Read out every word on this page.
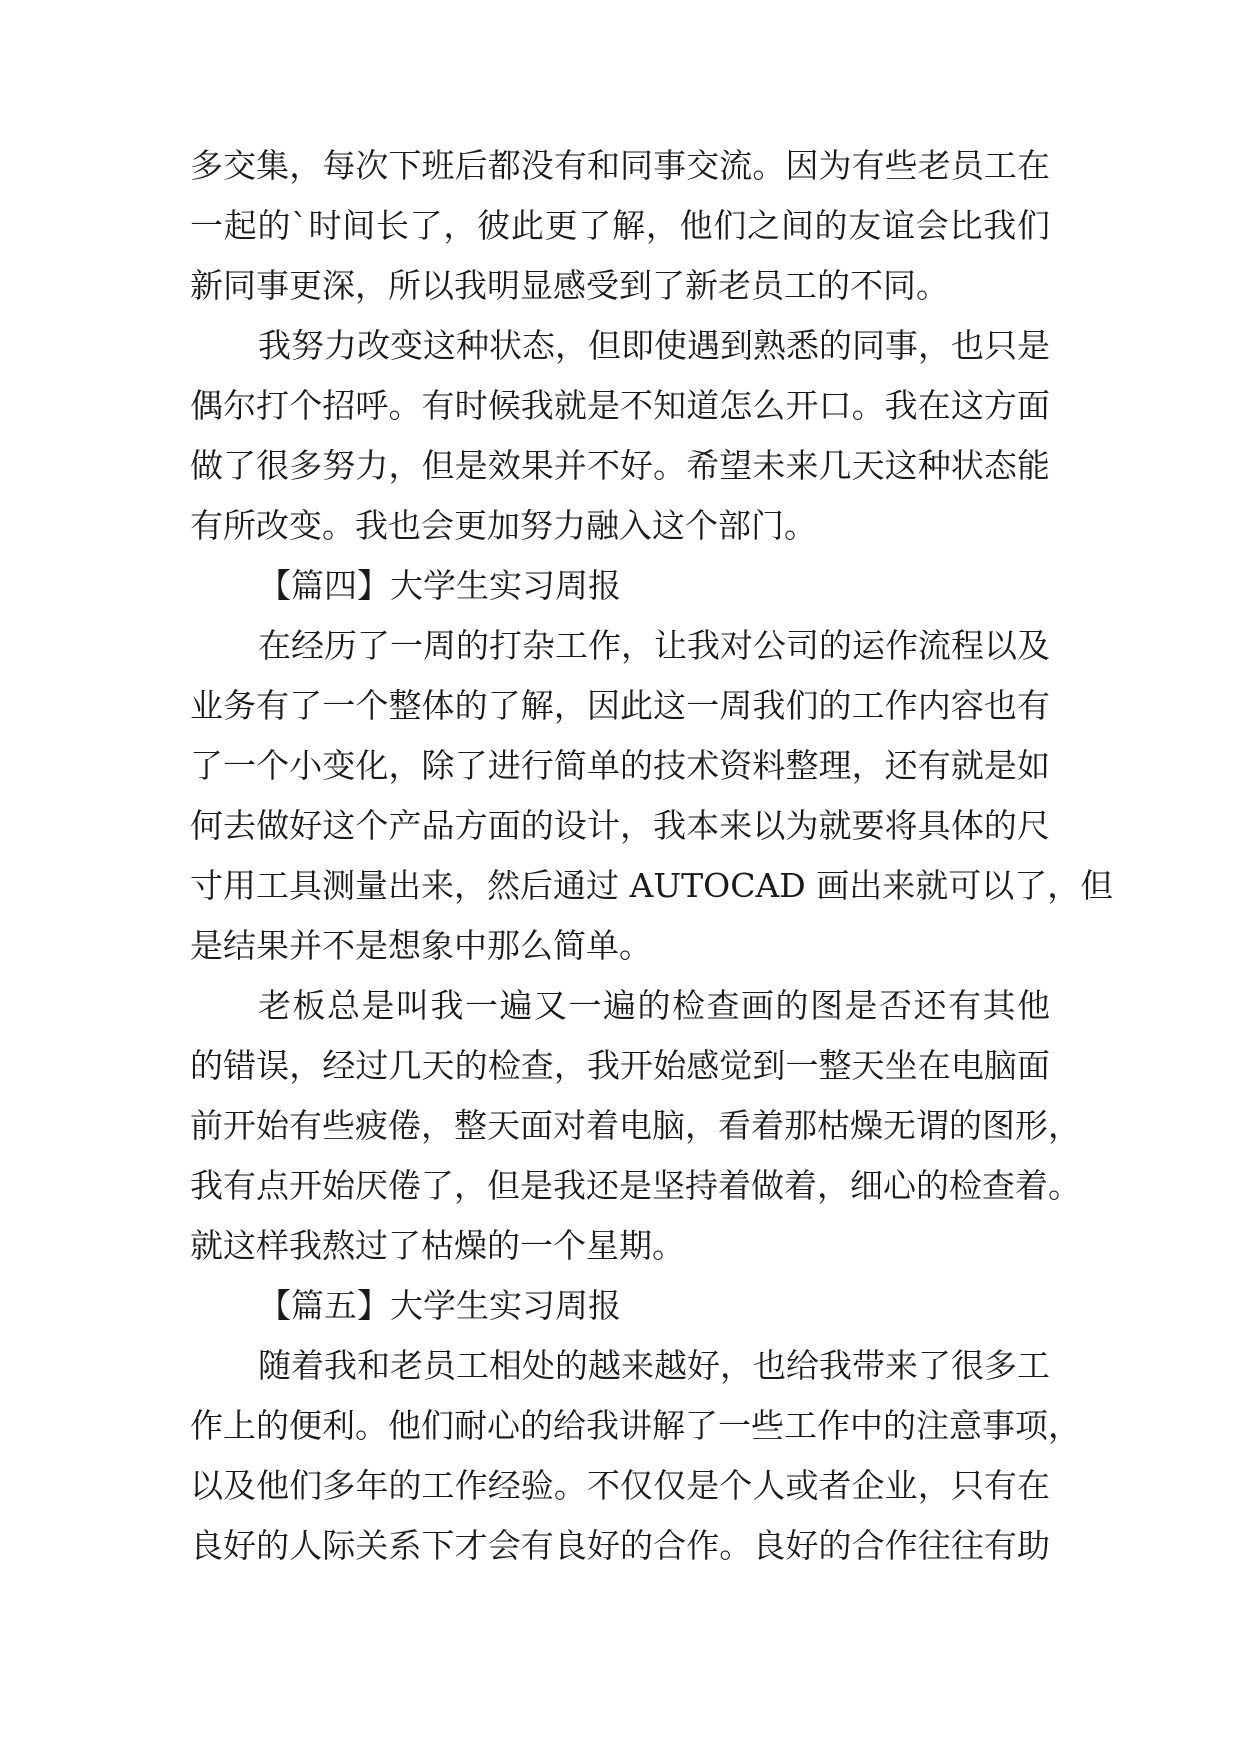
多交集，每次下班后都没有和同事交流。因为有些老员工在
一起的`时间长了，彼此更了解，他们之间的友谊会比我们
新同事更深，所以我明显感受到了新老员工的不同。
我努力改变这种状态，但即使遇到熟悉的同事，也只是
偶尔打个招呼。有时候我就是不知道怎么开口。我在这方面
做了很多努力，但是效果并不好。希望未来几天这种状态能
有所改变。我也会更加努力融入这个部门。
【篇四】大学生实习周报
在经历了一周的打杂工作，让我对公司的运作流程以及
业务有了一个整体的了解，因此这一周我们的工作内容也有
了一个小变化，除了进行简单的技术资料整理，还有就是如
何去做好这个产品方面的设计，我本来以为就要将具体的尺
寸用工具测量出来，然后通过 AUTOCAD 画出来就可以了，但
是结果并不是想象中那么简单。
老板总是叫我一遍又一遍的检查画的图是否还有其他
的错误，经过几天的检查，我开始感觉到一整天坐在电脑面
前开始有些疲倦，整天面对着电脑，看着那枯燥无谓的图形，
我有点开始厌倦了，但是我还是坚持着做着，细心的检查着。
就这样我熬过了枯燥的一个星期。
【篇五】大学生实习周报
随着我和老员工相处的越来越好，也给我带来了很多工
作上的便利。他们耐心的给我讲解了一些工作中的注意事项，
以及他们多年的工作经验。不仅仅是个人或者企业，只有在
良好的人际关系下才会有良好的合作。良好的合作往往有助
